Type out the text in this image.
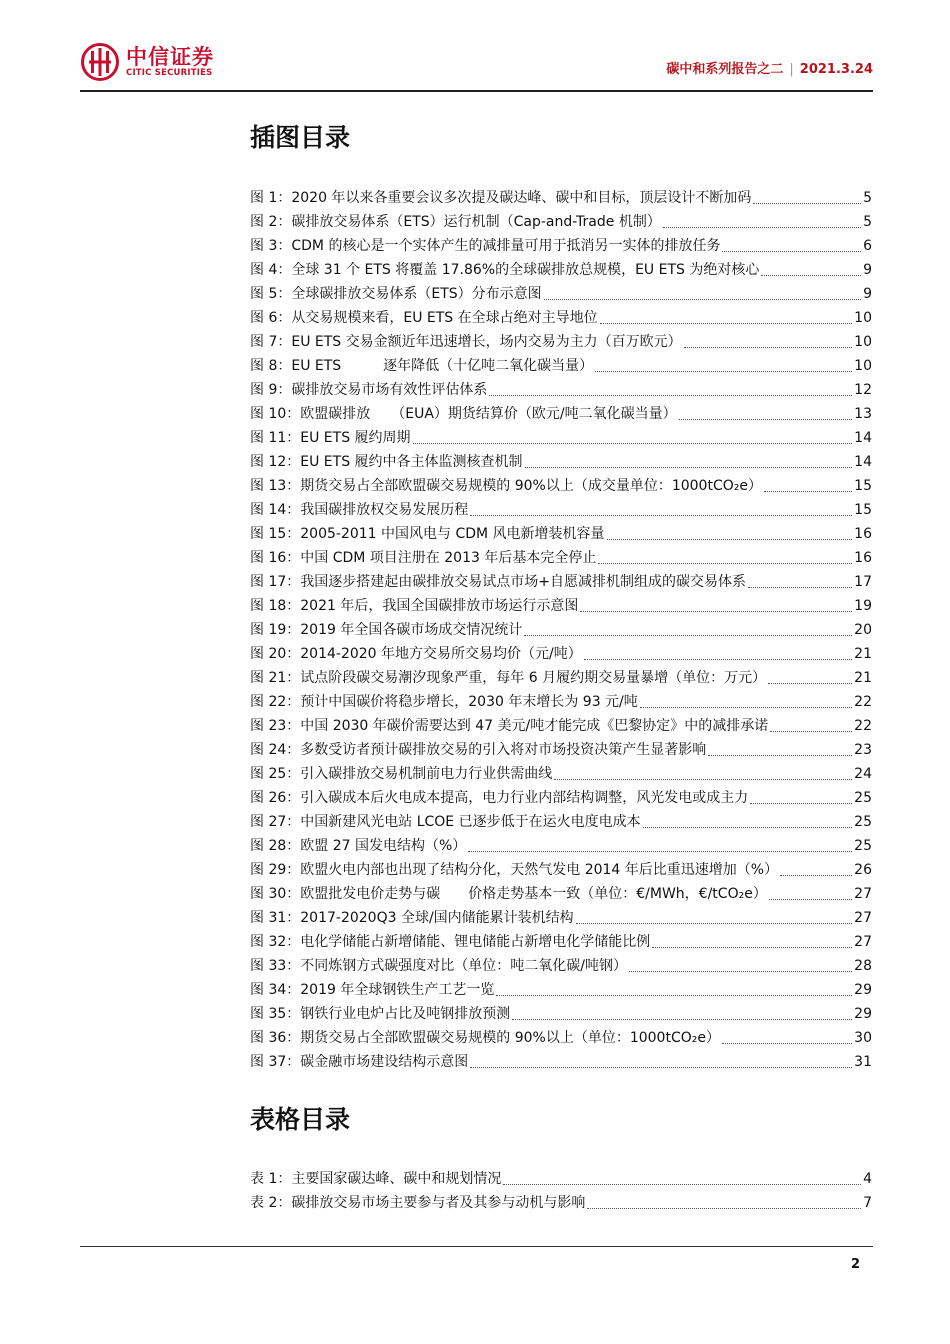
中信证券
CITIC SECURITIES	碳中和系列报告之二 | 2021.3.24
插图目录
图 1：2020 年以来各重要会议多次提及碳达峰、碳中和目标，顶层设计不断加码	5
图 2：碳排放交易体系（ETS）运行机制（Cap-and-Trade 机制）	5
图 3：CDM 的核心是一个实体产生的减排量可用于抵消另一实体的排放任务	6
图 4：全球 31 个 ETS 将覆盖 17.86%的全球碳排放总规模，EU ETS 为绝对核心	9
图 5：全球碳排放交易体系（ETS）分布示意图	9
图 6：从交易规模来看，EU ETS 在全球占绝对主导地位	10
图 7：EU ETS 交易金额近年迅速增长，场内交易为主力（百万欧元）	10
图 8：EU ETS　　　逐年降低（十亿吨二氧化碳当量）	10
图 9：碳排放交易市场有效性评估体系	12
图 10：欧盟碳排放　　（EUA）期货结算价（欧元/吨二氧化碳当量）	13
图 11：EU ETS 履约周期	14
图 12：EU ETS 履约中各主体监测核查机制	14
图 13：期货交易占全部欧盟碳交易规模的 90%以上（成交量单位：1000tCO₂e）	15
图 14：我国碳排放权交易发展历程	15
图 15：2005-2011 中国风电与 CDM 风电新增装机容量	16
图 16：中国 CDM 项目注册在 2013 年后基本完全停止	16
图 17：我国逐步搭建起由碳排放交易试点市场+自愿减排机制组成的碳交易体系	17
图 18：2021 年后，我国全国碳排放市场运行示意图	19
图 19：2019 年全国各碳市场成交情况统计	20
图 20：2014-2020 年地方交易所交易均价（元/吨）	21
图 21：试点阶段碳交易潮汐现象严重，每年 6 月履约期交易量暴增（单位：万元）	21
图 22：预计中国碳价将稳步增长，2030 年末增长为 93 元/吨	22
图 23：中国 2030 年碳价需要达到 47 美元/吨才能完成《巴黎协定》中的减排承诺	22
图 24：多数受访者预计碳排放交易的引入将对市场投资决策产生显著影响	23
图 25：引入碳排放交易机制前电力行业供需曲线	24
图 26：引入碳成本后火电成本提高，电力行业内部结构调整，风光发电或成主力	25
图 27：中国新建风光电站 LCOE 已逐步低于在运火电度电成本	25
图 28：欧盟 27 国发电结构（%）	25
图 29：欧盟火电内部也出现了结构分化，天然气发电 2014 年后比重迅速增加（%）	26
图 30：欧盟批发电价走势与碳　　价格走势基本一致（单位：€/MWh，€/tCO₂e）	27
图 31：2017-2020Q3 全球/国内储能累计装机结构	27
图 32：电化学储能占新增储能、锂电储能占新增电化学储能比例	27
图 33：不同炼钢方式碳强度对比（单位：吨二氧化碳/吨钢）	28
图 34：2019 年全球钢铁生产工艺一览	29
图 35：钢铁行业电炉占比及吨钢排放预测	29
图 36：期货交易占全部欧盟碳交易规模的 90%以上（单位：1000tCO₂e）	30
图 37：碳金融市场建设结构示意图	31
表格目录
表 1：主要国家碳达峰、碳中和规划情况	4
表 2：碳排放交易市场主要参与者及其参与动机与影响	7
2
